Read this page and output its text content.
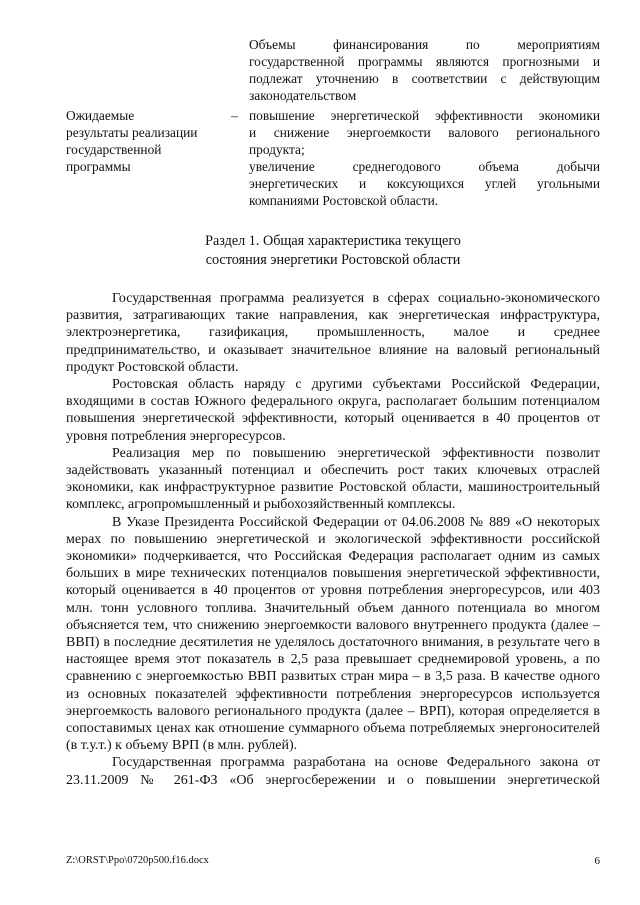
Объемы финансирования по мероприятиям
государственной программы являются прогнозными и
подлежат уточнению в соответствии с действующим
законодательством
Ожидаемые
результаты реализации
государственной
программы
– повышение энергетической эффективности экономики
и снижение энергоемкости валового регионального
продукта;
увеличение среднегодового объема добычи
энергетических и коксующихся углей угольными
компаниями Ростовской области.
Раздел 1. Общая характеристика текущего
состояния энергетики Ростовской области

Государственная программа реализуется в сферах социально-экономического развития, затрагивающих такие направления, как энергетическая инфраструктура, электроэнергетика, газификация, промышленность, малое и среднее предпринимательство, и оказывает значительное влияние на валовый региональный продукт Ростовской области.

Ростовская область наряду с другими субъектами Российской Федерации, входящими в состав Южного федерального округа, располагает большим потенциалом повышения энергетической эффективности, который оценивается в 40 процентов от уровня потребления энергоресурсов.

Реализация мер по повышению энергетической эффективности позволит задействовать указанный потенциал и обеспечить рост таких ключевых отраслей экономики, как инфраструктурное развитие Ростовской области, машиностроительный комплекс, агропромышленный и рыбохозяйственный комплексы.

В Указе Президента Российской Федерации от 04.06.2008 № 889 «О некоторых мерах по повышению энергетической и экологической эффективности российской экономики» подчеркивается, что Российская Федерация располагает одним из самых больших в мире технических потенциалов повышения энергетической эффективности, который оценивается в 40 процентов от уровня потребления энергоресурсов, или 403 млн. тонн условного топлива. Значительный объем данного потенциала во многом объясняется тем, что снижению энергоемкости валового внутреннего продукта (далее – ВВП) в последние десятилетия не уделялось достаточного внимания, в результате чего в настоящее время этот показатель в 2,5 раза превышает среднемировой уровень, а по сравнению с энергоемкостью ВВП развитых стран мира – в 3,5 раза. В качестве одного из основных показателей эффективности потребления энергоресурсов используется энергоемкость валового регионального продукта (далее – ВРП), которая определяется в сопоставимых ценах как отношение суммарного объема потребляемых энергоносителей (в т.у.т.) к объему ВРП (в млн. рублей).

Государственная программа разработана на основе Федерального закона от 23.11.2009 № 261-ФЗ «Об энергосбережении и о повышении энергетической

Z:\ORST\Ppo\0720p500.f16.docx	6
